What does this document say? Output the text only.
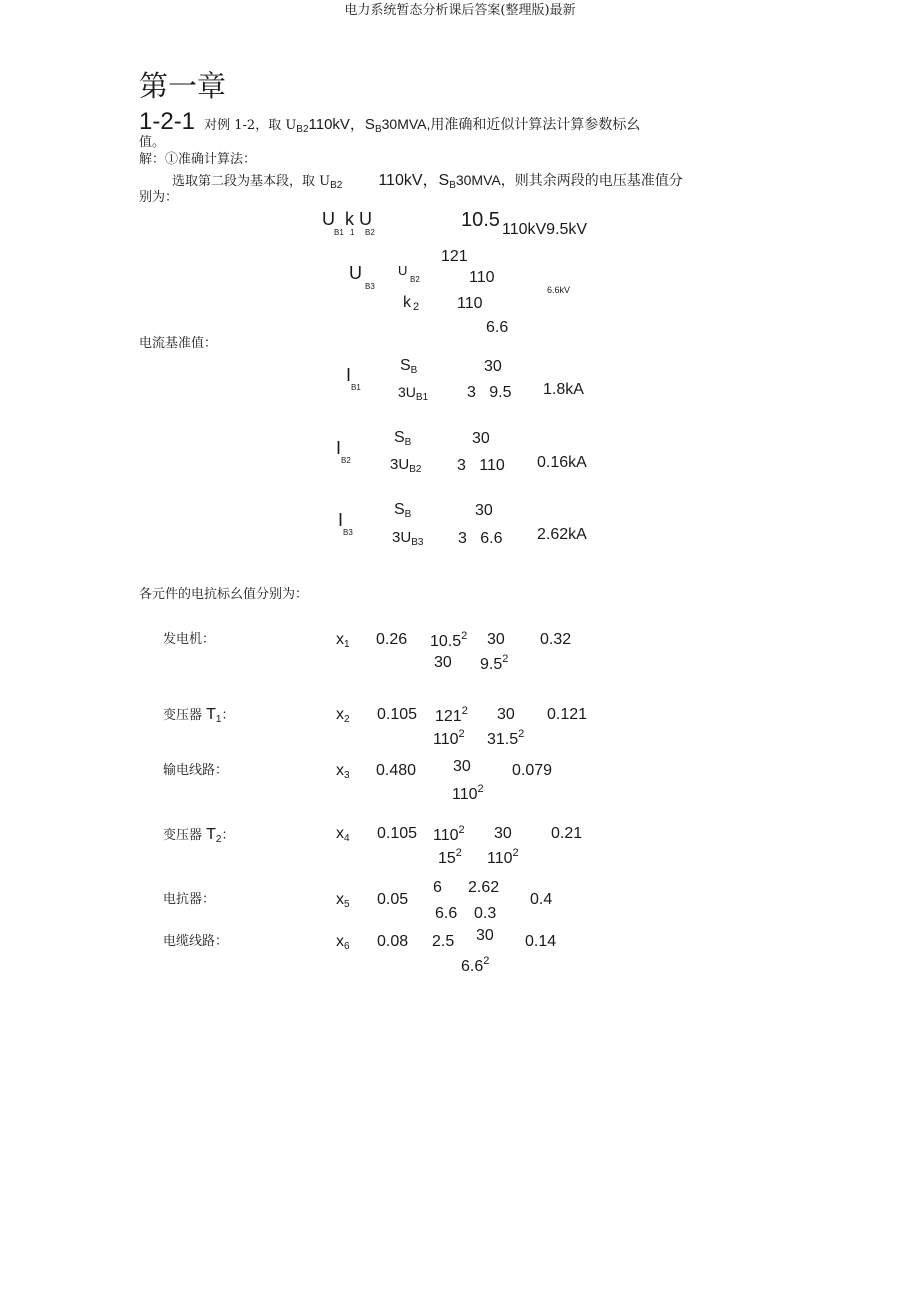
电力系统暂态分析课后答案(整理版)最新
第一章
1-2-1 对例 1-2，取 $U_{B2}110kV$，$S_B30MVA$,用准确和近似计算法计算参数标幺
值。
解：①准确计算法：
选取第二段为基本段，取 $U_{B2}$ 110kV，$S_B30MVA$，则其余两段的电压基准值分
别为：
U  k U
B1 1 B2
10.5 110kV9.5kV
121
U
B3
U
B2	110
k 2 110
6.6kV
6.6
电流基准值：
I
B1
$S_B$	30
$3U_{B1}$ 3   9.5 1.8kA
I
B2
$S_B$	30
$3U_{B2}$ 3   110 0.16kA
I
B3
$S_B$	30
$3U_{B3}$ 3   6.6 2.62kA
各元件的电抗标幺值分别为：
发电机：	$x_1$ 0.26 10.5$^2$ 30 0.32
30 $9.5^2$
变压器 $T_1$：	$x_2$ 0.105 $121^2$ 30 0.121
$110^2$ 31.5$^2$
输电线路：	$x_3$ 0.480 30	0.079
$110^2$
变压器 $T_2$：	$x_4$ 0.105 $110^2$ 30 0.21
$15^2$ $110^2$
电抗器：	$x_5$ 0.05
6 2.62
0.4
6.6 0.3
电缆线路：	$x_6$ 0.08 2.5 30 0.14
$6.6^2$
